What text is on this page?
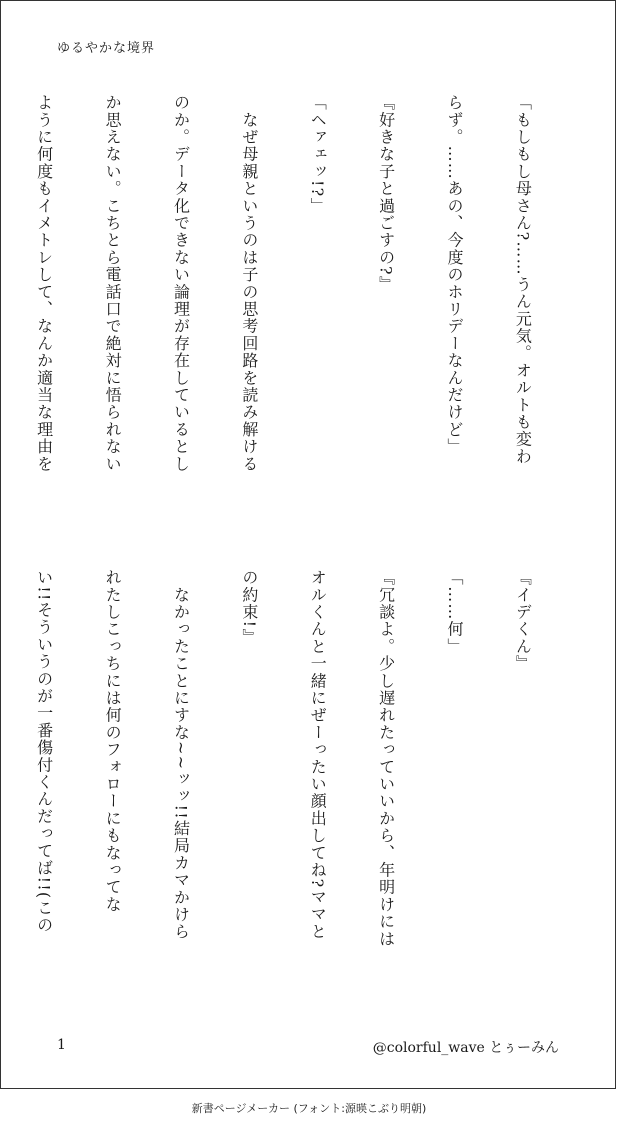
ゆるやかな境界

「もしもし母さん?……うん元気。オルトも変わ

らず。……あの、今度のホリデーなんだけど」

『好きな子と過ごすの?』

「ヘァェッ!?」

　なぜ母親というのは子の思考回路を読み解ける

のか。データ化できない論理が存在しているとし

か思えない。こちとら電話口で絶対に悟られない

ように何度もイメトレして、なんか適当な理由を

『イデくん』

「……何」

『冗談よ。少し遅れたっていいから、年明けには

オルくんと一緒にぜーったい顔出してね?ママと

の約束!』

　なかったことにすな~~ッッ!!結局カマかけら

れたしこっちには何のフォローにもなってな

い!!そういうのが一番傷付くんだってば!!(この

1	@colorful_wave とぅーみん
新書ページメーカー (フォント:源暎こぶり明朝)
